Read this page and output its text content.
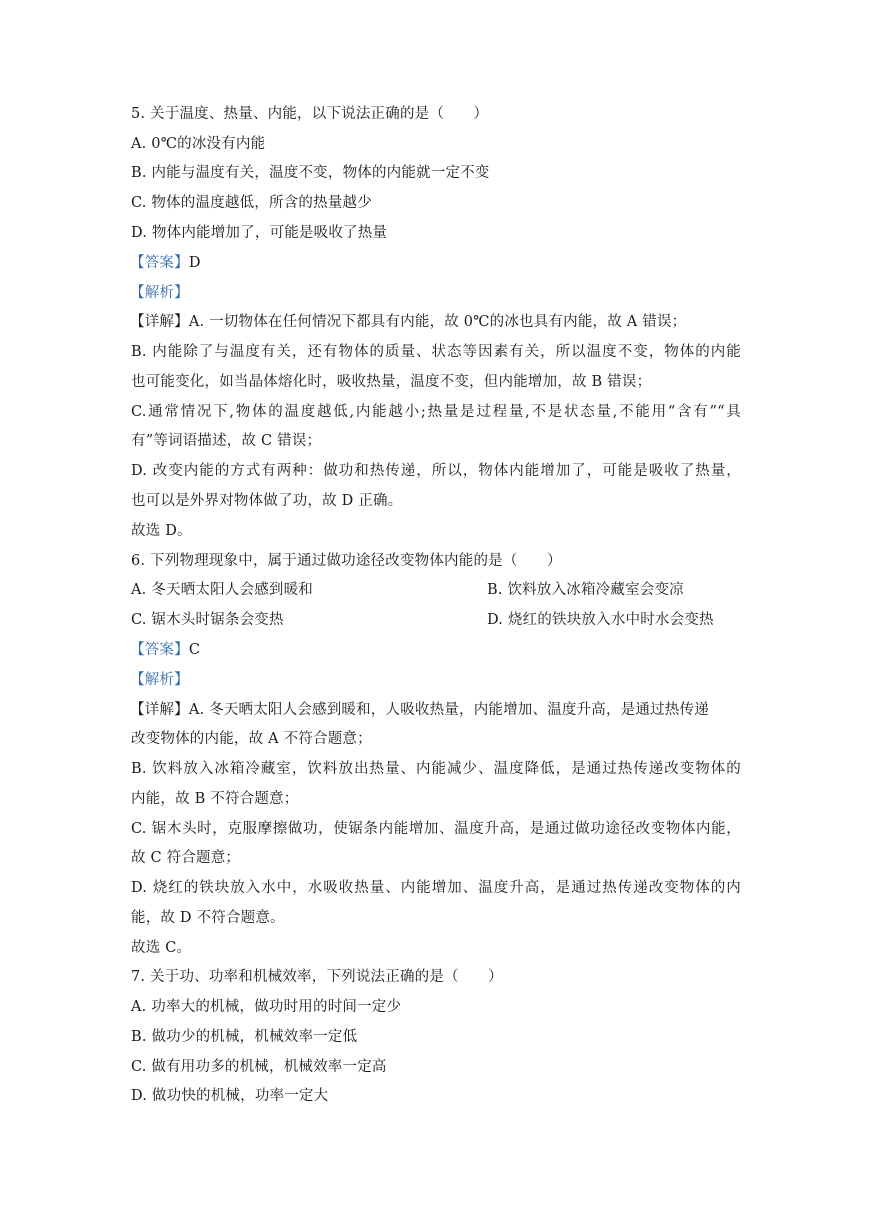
5. 关于温度、热量、内能，以下说法正确的是（　　）
A. 0℃的冰没有内能
B. 内能与温度有关，温度不变，物体的内能就一定不变
C. 物体的温度越低，所含的热量越少
D. 物体内能增加了，可能是吸收了热量
【答案】D
【解析】
【详解】A. 一切物体在任何情况下都具有内能，故 0℃的冰也具有内能，故 A 错误；
B. 内能除了与温度有关，还有物体的质量、状态等因素有关，所以温度不变，物体的内能
也可能变化，如当晶体熔化时，吸收热量，温度不变，但内能增加，故 B 错误；
C.通常情况下,物体的温度越低,内能越小;热量是过程量,不是状态量,不能用“含有”“具
有”等词语描述，故 C 错误；
D. 改变内能的方式有两种：做功和热传递，所以，物体内能增加了，可能是吸收了热量，
也可以是外界对物体做了功，故 D 正确。
故选 D。
6. 下列物理现象中，属于通过做功途径改变物体内能的是（　　）
A. 冬天晒太阳人会感到暖和	B. 饮料放入冰箱冷藏室会变凉
C. 锯木头时锯条会变热	D. 烧红的铁块放入水中时水会变热
【答案】C
【解析】
【详解】A. 冬天晒太阳人会感到暖和，人吸收热量，内能增加、温度升高，是通过热传递
改变物体的内能，故 A 不符合题意；
B. 饮料放入冰箱冷藏室，饮料放出热量、内能减少、温度降低，是通过热传递改变物体的
内能，故 B 不符合题意；
C. 锯木头时，克服摩擦做功，使锯条内能增加、温度升高，是通过做功途径改变物体内能，
故 C 符合题意；
D. 烧红的铁块放入水中，水吸收热量、内能增加、温度升高，是通过热传递改变物体的内
能，故 D 不符合题意。
故选 C。
7. 关于功、功率和机械效率，下列说法正确的是（　　）
A. 功率大的机械，做功时用的时间一定少
B. 做功少的机械，机械效率一定低
C. 做有用功多的机械，机械效率一定高
D. 做功快的机械，功率一定大
